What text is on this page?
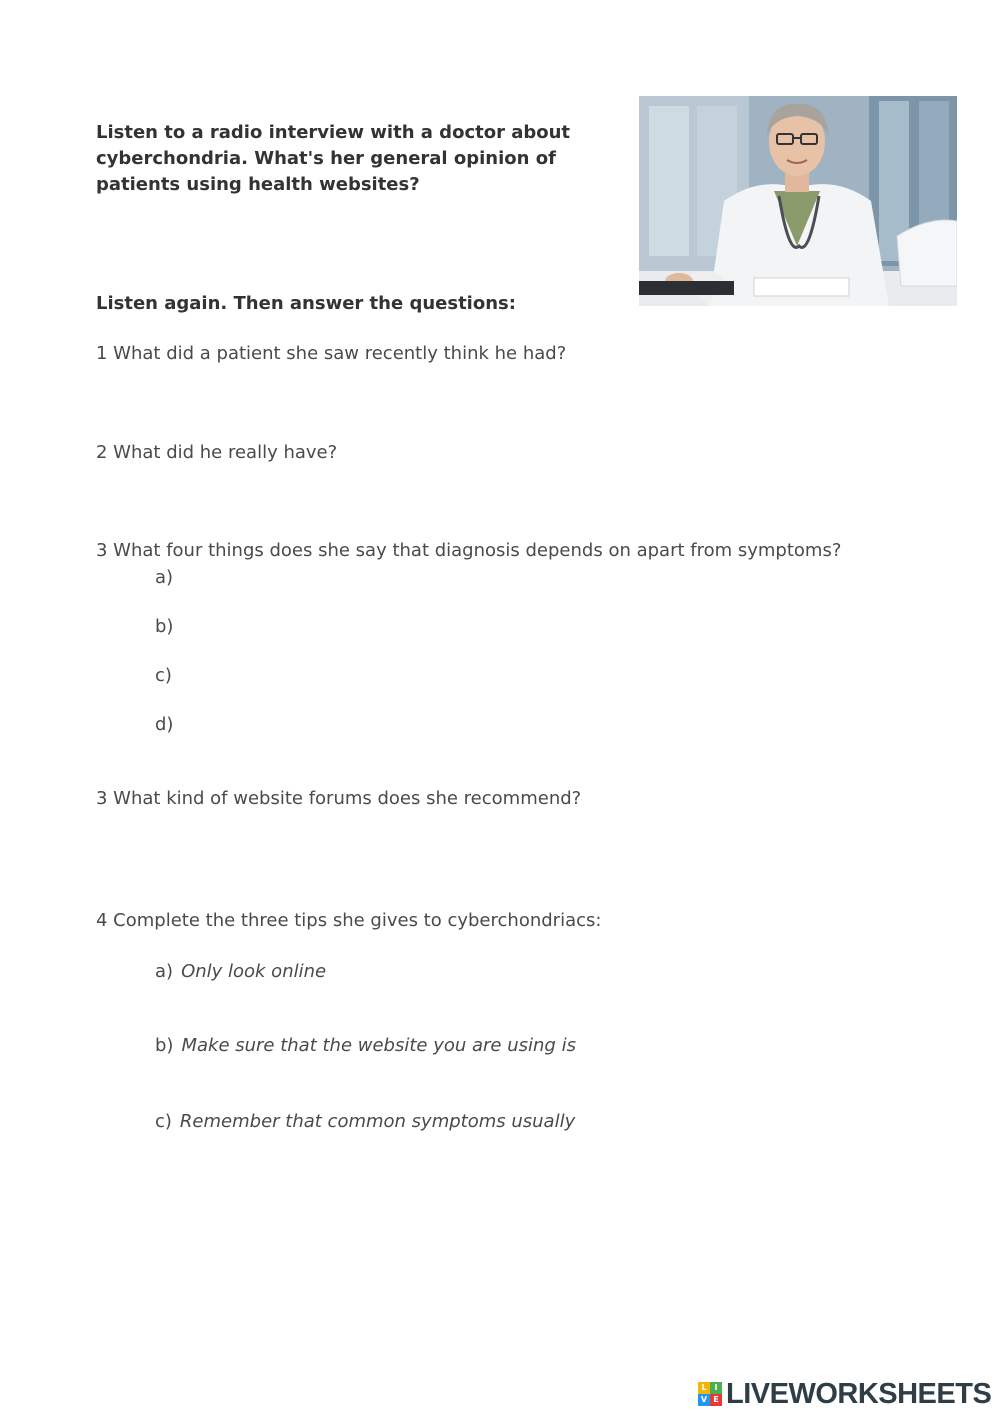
Listen to a radio interview with a doctor about cyberchondria. What's her general opinion of patients using health websites?

Listen again. Then answer the questions:

1 What did a patient she saw recently think he had?

2 What did he really have?

3 What four things does she say that diagnosis depends on apart from symptoms?

a)

b)

c)

d)

3 What kind of website forums does she recommend?

4 Complete the three tips she gives to cyberchondriacs:

a) Only look online

b) Make sure that the website you are using is

c) Remember that common symptoms usually

L I
V E LIVEWORKSHEETS
